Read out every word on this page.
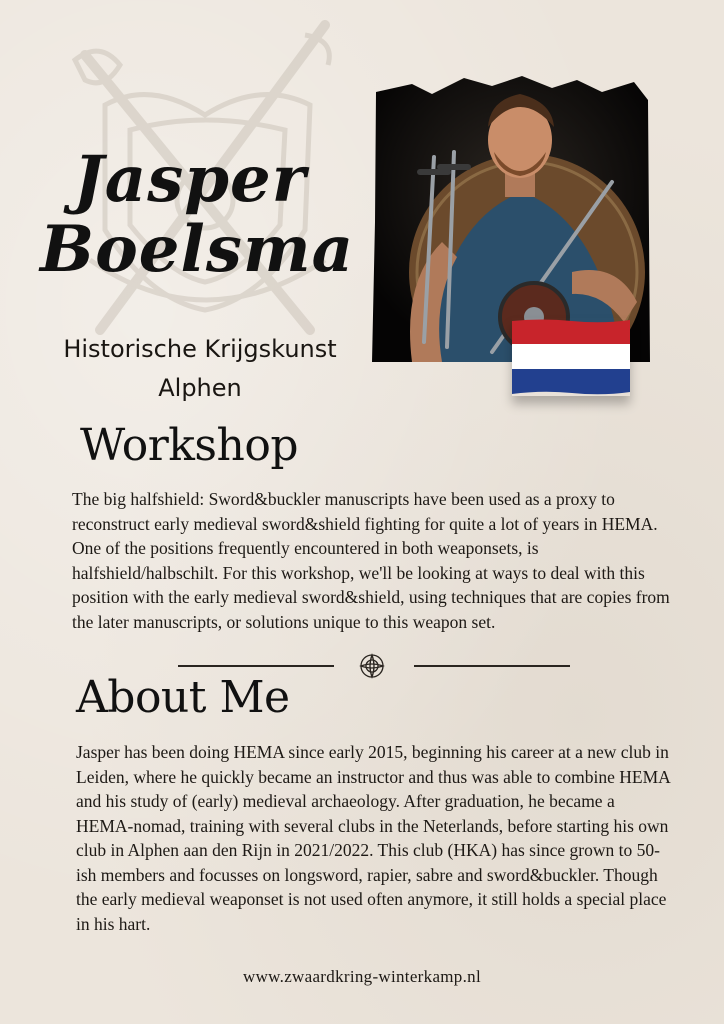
Jasper
Boelsma
Historische Krijgskunst
Alphen
Workshop
The big halfshield: Sword&buckler manuscripts have been used as a proxy to reconstruct early medieval sword&shield fighting for quite a lot of years in HEMA. One of the positions frequently encountered in both weaponsets, is halfshield/halbschilt. For this workshop, we'll be looking at ways to deal with this position with the early medieval sword&shield, using techniques that are copies from the later manuscripts, or solutions unique to this weapon set.
About Me
Jasper has been doing HEMA since early 2015, beginning his career at a new club in Leiden, where he quickly became an instructor and thus was able to combine HEMA and his study of (early) medieval archaeology. After graduation, he became a HEMA-nomad, training with several clubs in the Neterlands, before starting his own club in Alphen aan den Rijn in 2021/2022. This club (HKA) has since grown to 50-ish members and focusses on longsword, rapier, sabre and sword&buckler. Though the early medieval weaponset is not used often anymore, it still holds a special place in his hart.
www.zwaardkring-winterkamp.nl
